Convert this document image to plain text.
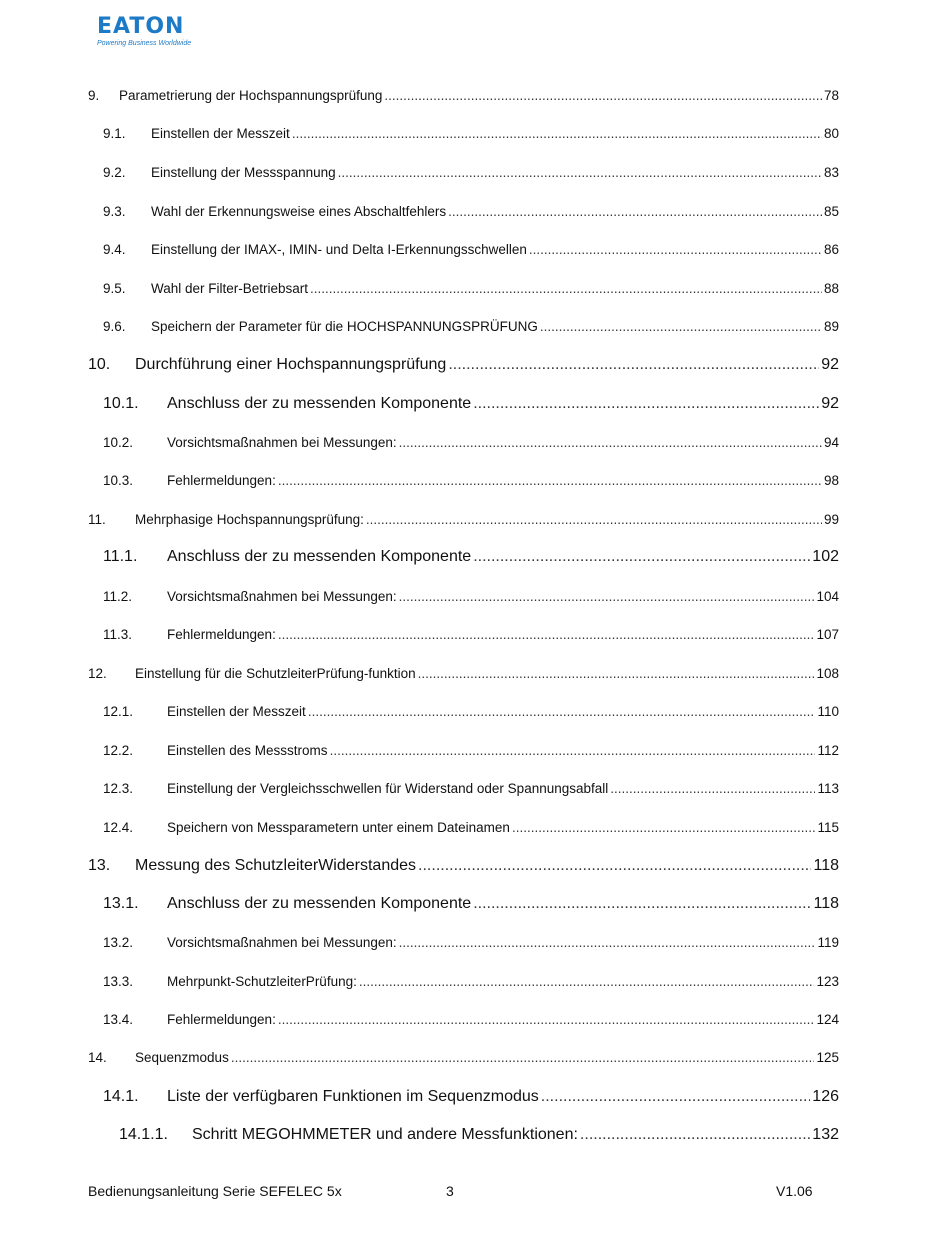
EATON
Powering Business Worldwide
9. Parametrierung der Hochspannungsprüfung .....	78
9.1. Einstellen der Messzeit .....	80
9.2. Einstellung der Messspannung .....	83
9.3. Wahl der Erkennungsweise eines Abschaltfehlers .....	85
9.4. Einstellung der IMAX-, IMIN- und Delta I-Erkennungsschwellen .....	86
9.5. Wahl der Filter-Betriebsart .....	88
9.6. Speichern der Parameter für die HOCHSPANNUNGSPRÜFUNG .....	89
10. Durchführung einer Hochspannungsprüfung .....	92
10.1. Anschluss der zu messenden Komponente .....	92
10.2.	Vorsichtsmaßnahmen bei Messungen: .....	94
10.3.	Fehlermeldungen: .....	98
11. Mehrphasige Hochspannungsprüfung: .....	99
11.1. Anschluss der zu messenden Komponente .....	102
11.2.	Vorsichtsmaßnahmen bei Messungen: .....	104
11.3.	Fehlermeldungen: .....	107
12. Einstellung für die SchutzleiterPrüfung-funktion .....	108
12.1.	Einstellen der Messzeit .....	110
12.2.	Einstellen des Messstroms .....	112
12.3.	Einstellung der Vergleichsschwellen für Widerstand oder Spannungsabfall .....	113
12.4.	Speichern von Messparametern unter einem Dateinamen .....	115
13. Messung des SchutzleiterWiderstandes .....	118
13.1. Anschluss der zu messenden Komponente .....	118
13.2.	Vorsichtsmaßnahmen bei Messungen: .....	119
13.3.	Mehrpunkt-SchutzleiterPrüfung: .....	123
13.4.	Fehlermeldungen: .....	124
14. Sequenzmodus .....	125
14.1. Liste der verfügbaren Funktionen im Sequenzmodus .....	126
14.1.1. Schritt MEGOHMMETER und andere Messfunktionen: .....	132
Bedienungsanleitung Serie SEFELEC 5x	3	V1.06
